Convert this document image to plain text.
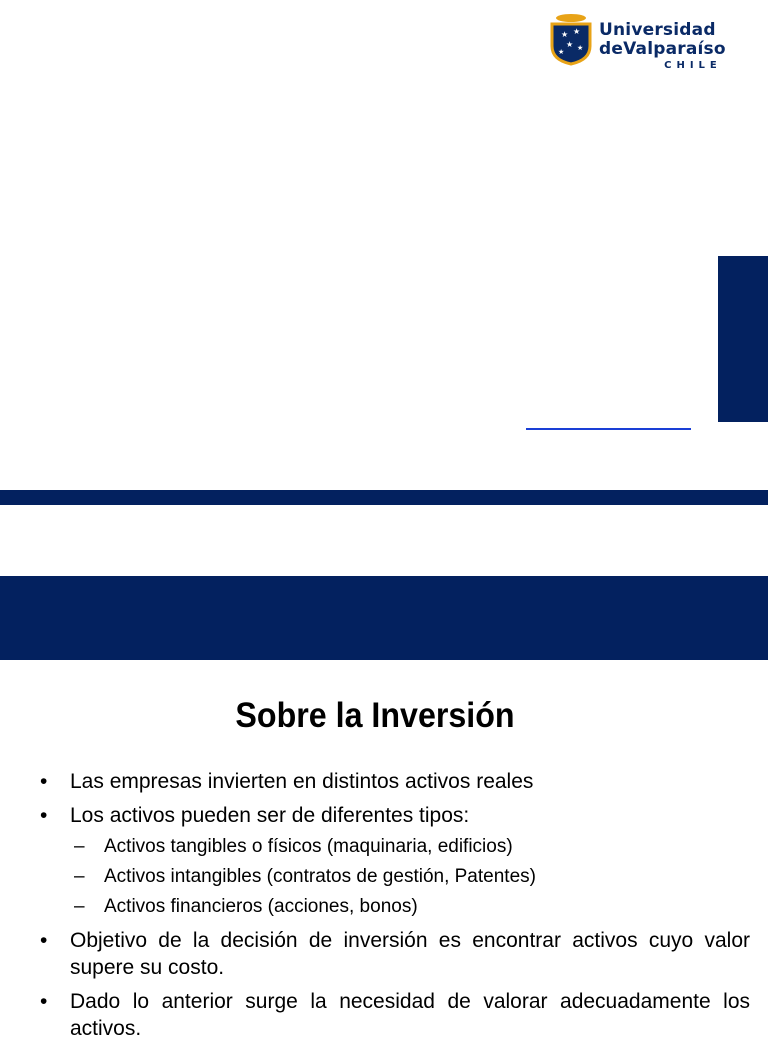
★ ★
★ ★
★
Universidad
deValparaíso
CHILE
Sobre la Inversión
• Las empresas invierten en distintos activos reales
• Los activos pueden ser de diferentes tipos:
– Activos tangibles o físicos (maquinaria, edificios)
– Activos intangibles (contratos de gestión, Patentes)
– Activos financieros (acciones, bonos)
• Objetivo de la decisión de inversión es encontrar activos cuyo valor supere su costo.
• Dado lo anterior surge la necesidad de valorar adecuadamente los activos.
